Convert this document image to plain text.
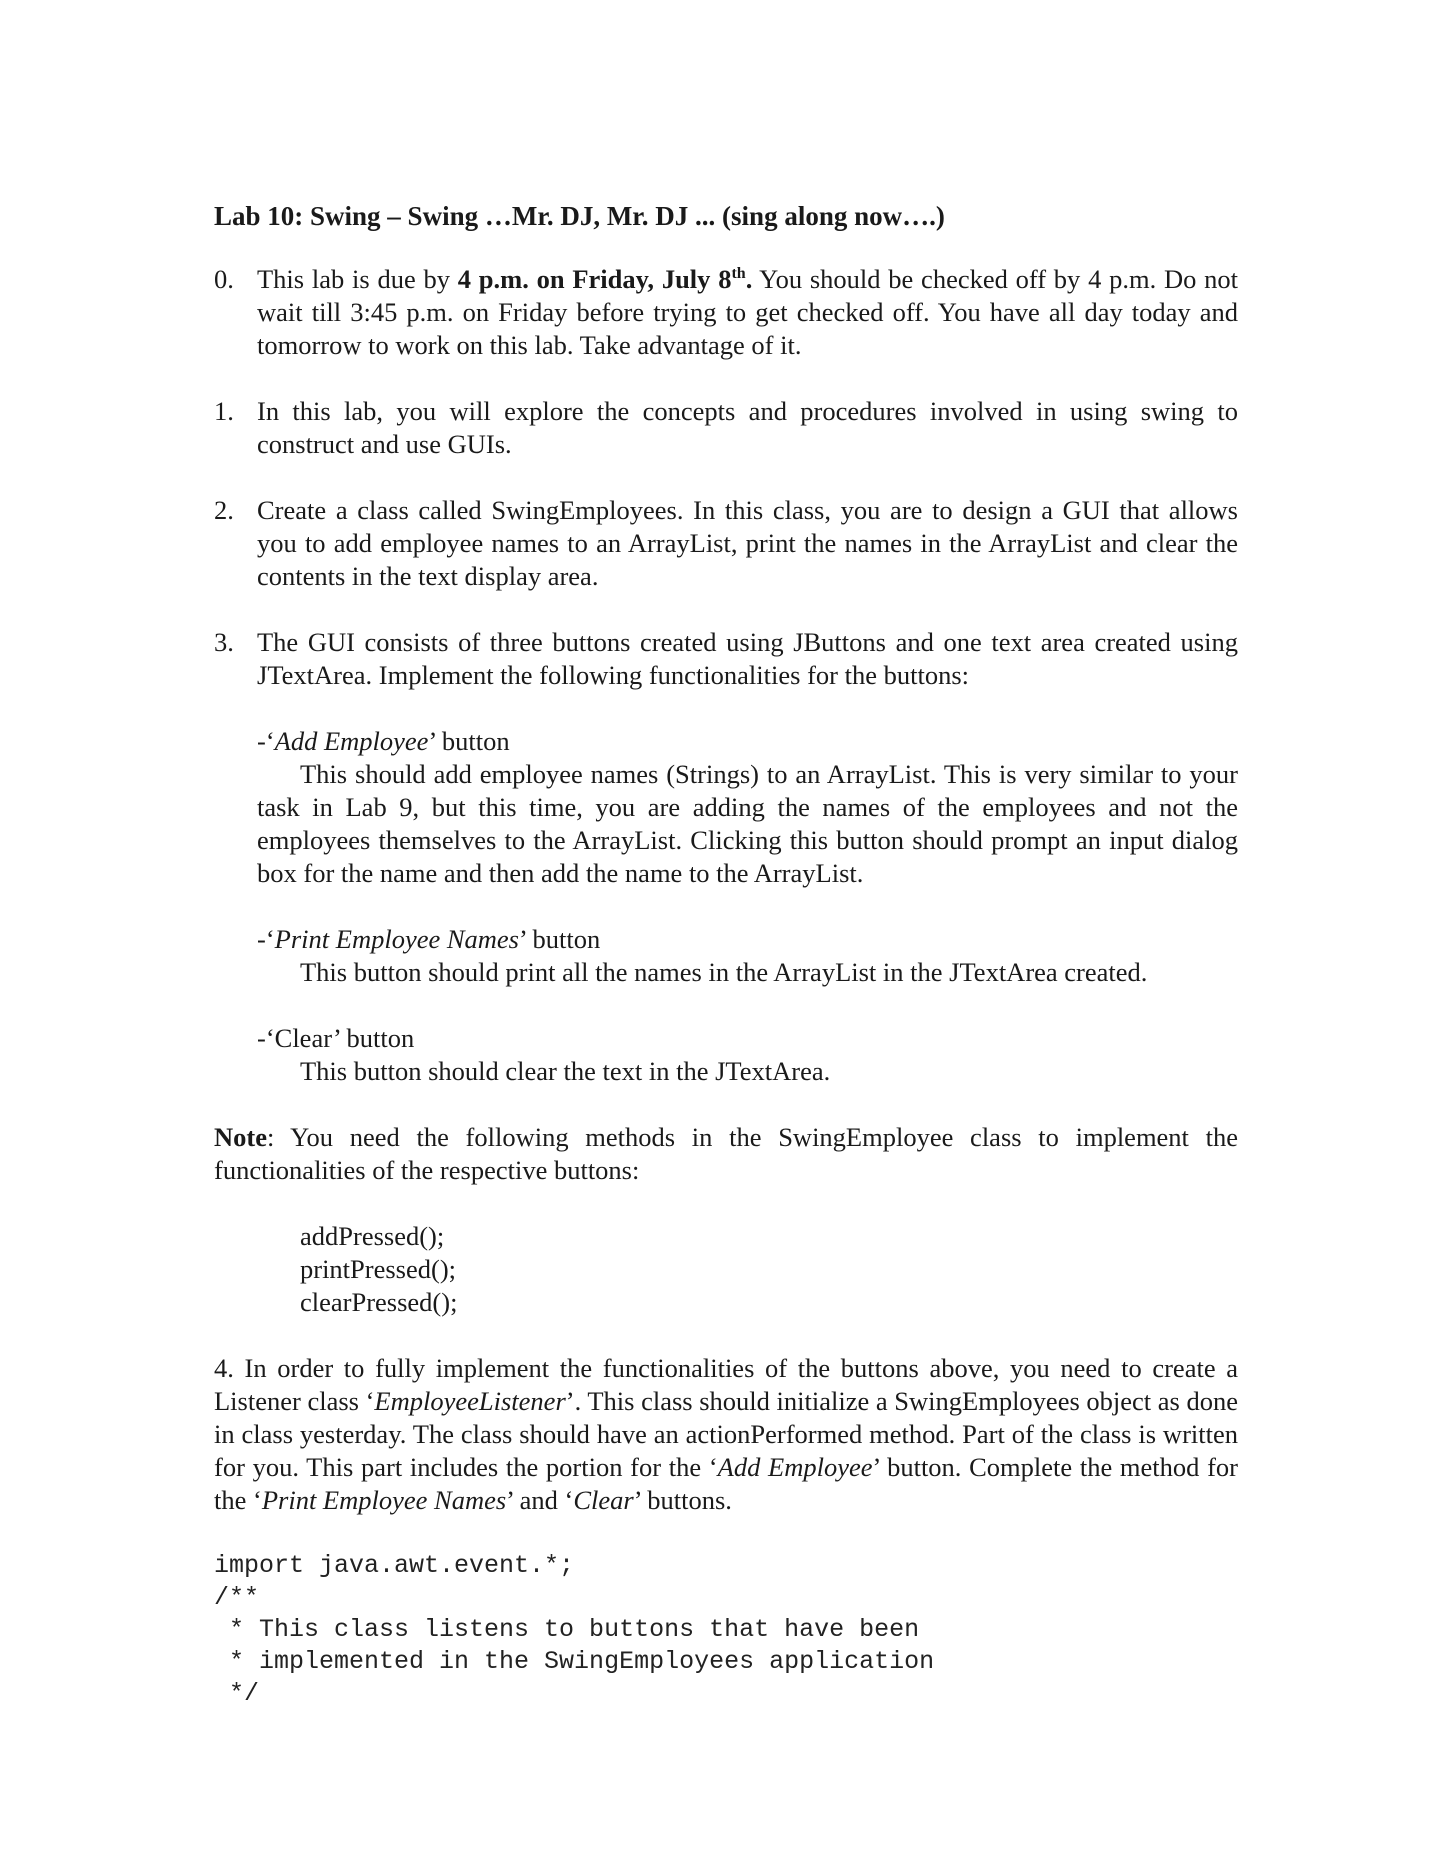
Lab 10: Swing – Swing …Mr. DJ, Mr. DJ ... (sing along now….)
0. This lab is due by 4 p.m. on Friday, July 8th. You should be checked off by 4 p.m. Do not wait till 3:45 p.m. on Friday before trying to get checked off. You have all day today and tomorrow to work on this lab. Take advantage of it.
1. In this lab, you will explore the concepts and procedures involved in using swing to construct and use GUIs.
2. Create a class called SwingEmployees. In this class, you are to design a GUI that allows you to add employee names to an ArrayList, print the names in the ArrayList and clear the contents in the text display area.
3. The GUI consists of three buttons created using JButtons and one text area created using JTextArea. Implement the following functionalities for the buttons:
-‘Add Employee’ button
This should add employee names (Strings) to an ArrayList. This is very similar to your task in Lab 9, but this time, you are adding the names of the employees and not the employees themselves to the ArrayList. Clicking this button should prompt an input dialog box for the name and then add the name to the ArrayList.
-‘Print Employee Names’ button
This button should print all the names in the ArrayList in the JTextArea created.
-‘Clear’ button
This button should clear the text in the JTextArea.
Note: You need the following methods in the SwingEmployee class to implement the functionalities of the respective buttons:
addPressed();
printPressed();
clearPressed();
4. In order to fully implement the functionalities of the buttons above, you need to create a Listener class ‘EmployeeListener’. This class should initialize a SwingEmployees object as done in class yesterday. The class should have an actionPerformed method. Part of the class is written for you. This part includes the portion for the ‘Add Employee’ button. Complete the method for the ‘Print Employee Names’ and ‘Clear’ buttons.
import java.awt.event.*;
/**
* This class listens to buttons that have been
* implemented in the SwingEmployees application
*/
